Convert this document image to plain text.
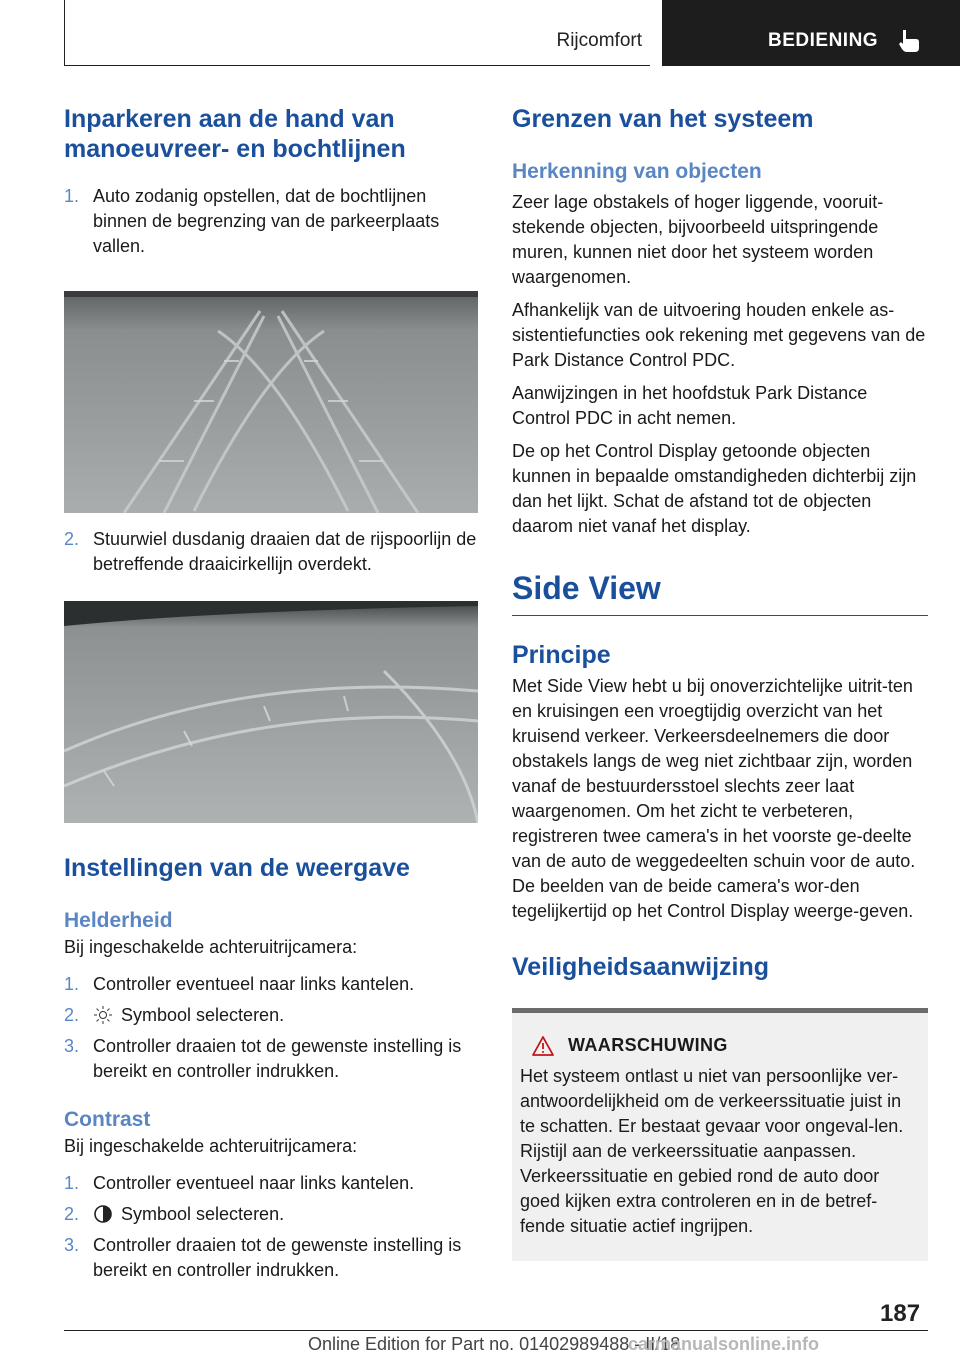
Rijcomfort	BEDIENING
Inparkeren aan de hand van manoeuvreer- en bochtlijnen
1. Auto zodanig opstellen, dat de bochtlijnen binnen de begrenzing van de parkeerplaats vallen.
2. Stuurwiel dusdanig draaien dat de rijspoorlijn de betreffende draaicirkellijn overdekt.
Instellingen van de weergave
Helderheid

Bij ingeschakelde achteruitrijcamera:

1. Controller eventueel naar links kantelen.
2.	Symbool selecteren.
3. Controller draaien tot de gewenste instelling is bereikt en controller indrukken.
Contrast

Bij ingeschakelde achteruitrijcamera:

1. Controller eventueel naar links kantelen.
2.	Symbool selecteren.
3. Controller draaien tot de gewenste instelling is bereikt en controller indrukken.
Grenzen van het systeem
Herkenning van objecten

Zeer lage obstakels of hoger liggende, vooruit-stekende objecten, bijvoorbeeld uitspringende muren, kunnen niet door het systeem worden waargenomen.

Afhankelijk van de uitvoering houden enkele as-sistentiefuncties ook rekening met gegevens van de Park Distance Control PDC.

Aanwijzingen in het hoofdstuk Park Distance Control PDC in acht nemen.

De op het Control Display getoonde objecten kunnen in bepaalde omstandigheden dichterbij zijn dan het lijkt. Schat de afstand tot de objecten daarom niet vanaf het display.

Side View
Principe

Met Side View hebt u bij onoverzichtelijke uitrit-ten en kruisingen een vroegtijdig overzicht van het kruisend verkeer. Verkeersdeelnemers die door obstakels langs de weg niet zichtbaar zijn, worden vanaf de bestuurdersstoel slechts zeer laat waargenomen. Om het zicht te verbeteren, registreren twee camera's in het voorste ge-deelte van de auto de weggedeelten schuin voor de auto. De beelden van de beide camera's wor-den tegelijkertijd op het Control Display weerge-geven.

Veiligheidsaanwijzing
WAARSCHUWING

Het systeem ontlast u niet van persoonlijke ver-antwoordelijkheid om de verkeerssituatie juist in te schatten. Er bestaat gevaar voor ongeval-len. Rijstijl aan de verkeerssituatie aanpassen. Verkeerssituatie en gebied rond de auto door goed kijken extra controleren en in de betref-fende situatie actief ingrijpen.

187
Online Edition for Part no. 01402989488 - II/18
carmanualsonline.info
